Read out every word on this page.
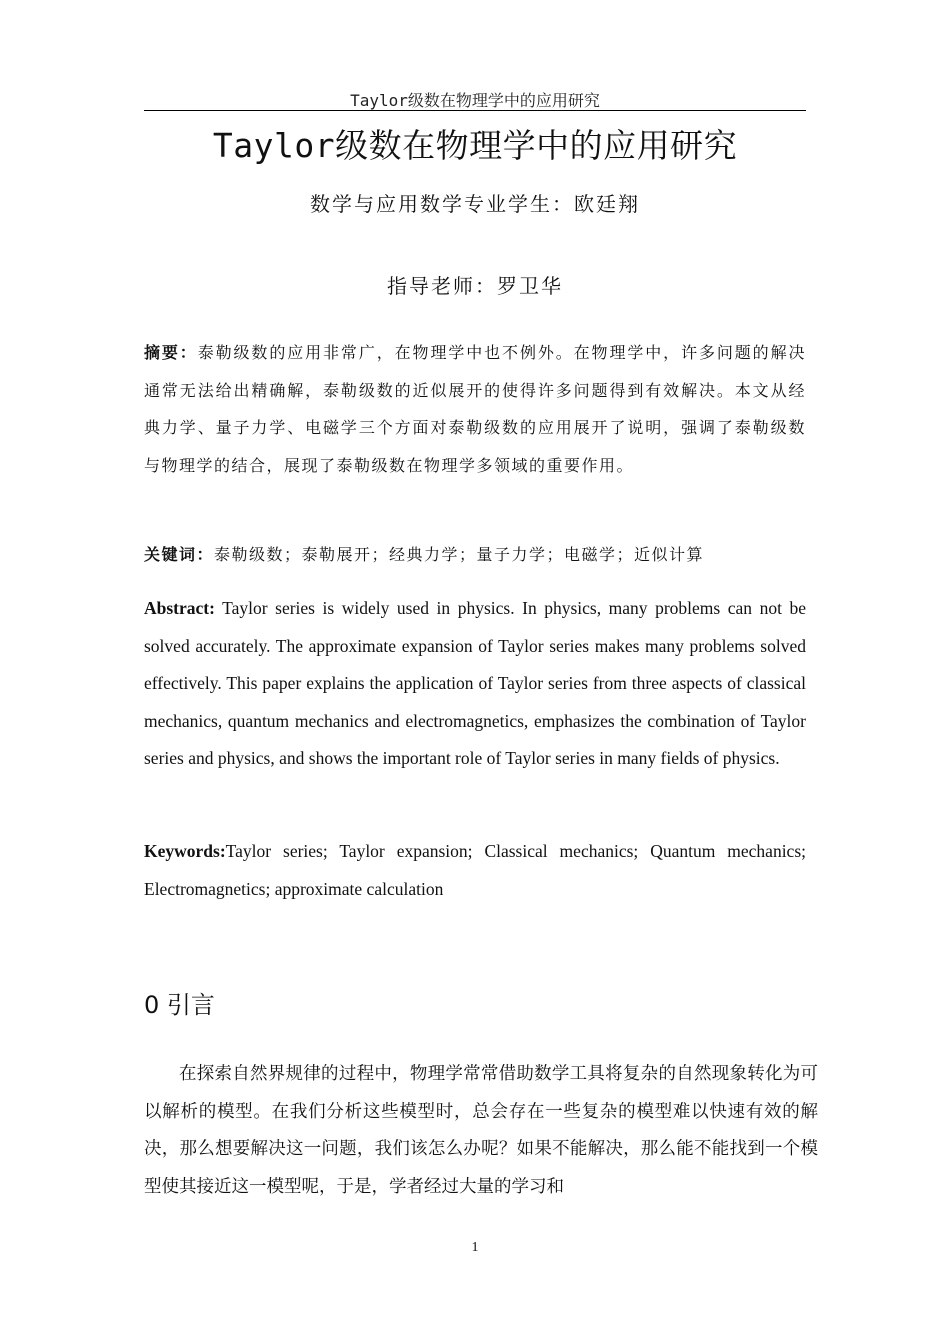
Taylor级数在物理学中的应用研究
Taylor级数在物理学中的应用研究
数学与应用数学专业学生：欧廷翔
指导老师：罗卫华
摘要：泰勒级数的应用非常广，在物理学中也不例外。在物理学中，许多问题的解决通常无法给出精确解，泰勒级数的近似展开的使得许多问题得到有效解决。本文从经典力学、量子力学、电磁学三个方面对泰勒级数的应用展开了说明，强调了泰勒级数与物理学的结合，展现了泰勒级数在物理学多领域的重要作用。
关键词：泰勒级数；泰勒展开；经典力学；量子力学；电磁学；近似计算
Abstract: Taylor series is widely used in physics. In physics, many problems can not be solved accurately. The approximate expansion of Taylor series makes many problems solved effectively. This paper explains the application of Taylor series from three aspects of classical mechanics, quantum mechanics and electromagnetics, emphasizes the combination of Taylor series and physics, and shows the important role of Taylor series in many fields of physics.
Keywords:Taylor series; Taylor expansion; Classical mechanics; Quantum mechanics; Electromagnetics; approximate calculation
0 引言
在探索自然界规律的过程中，物理学常常借助数学工具将复杂的自然现象转化为可以解析的模型。在我们分析这些模型时，总会存在一些复杂的模型难以快速有效的解决，那么想要解决这一问题，我们该怎么办呢？如果不能解决，那么能不能找到一个模型使其接近这一模型呢，于是，学者经过大量的学习和
1
